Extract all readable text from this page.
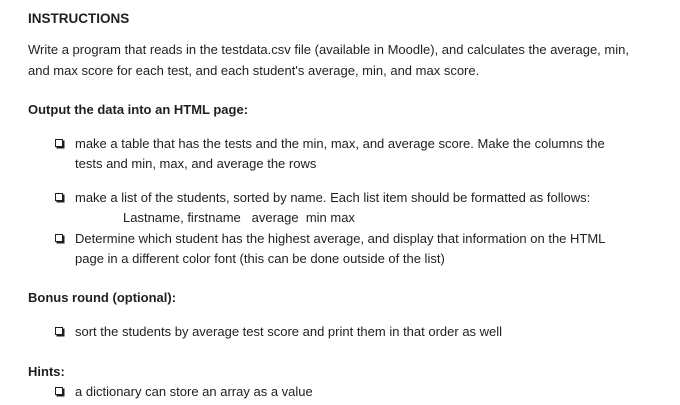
INSTRUCTIONS
Write a program that reads in the testdata.csv file (available in Moodle), and calculates the average, min,
and max score for each test, and each student's average, min, and max score.
Output the data into an HTML page:
make a table that has the tests and the min, max, and average score. Make the columns the
tests and min, max, and average the rows
make a list of the students, sorted by name. Each list item should be formatted as follows:
Lastname, firstname   average  min max
Determine which student has the highest average, and display that information on the HTML
page in a different color font (this can be done outside of the list)
Bonus round (optional):
sort the students by average test score and print them in that order as well
Hints:
a dictionary can store an array as a value
